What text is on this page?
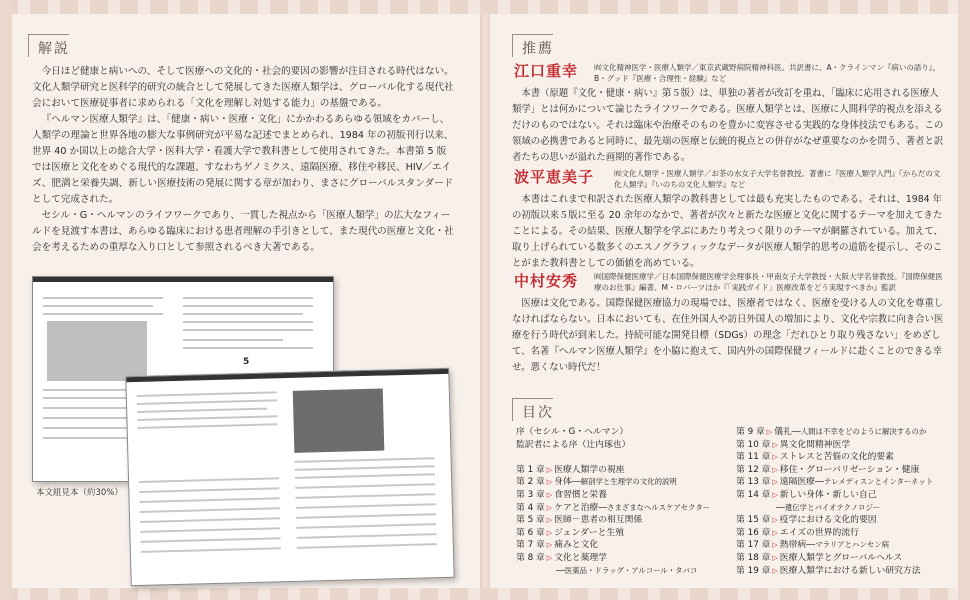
解説

今日ほど健康と病いへの、そして医療への文化的・社会的要因の影響が注目される時代はない。文化人類学研究と医科学的研究の統合として発展してきた医療人類学は、グローバル化する現代社会において医療従事者に求められる「文化を理解し対処する能力」の基盤である。

『ヘルマン医療人類学』は、「健康・病い・医療・文化」にかかわるあらゆる領域をカバーし、人類学の理論と世界各地の膨大な事例研究が平易な記述でまとめられ、1984 年の初版刊行以来、世界 40 か国以上の総合大学・医科大学・看護大学で教科書として使用されてきた。本書第 5 版では医療と文化をめぐる現代的な課題、すなわちゲノミクス、遠隔医療、移住や移民、HIV／エイズ、肥満と栄養失調、新しい医療技術の発展に関する章が加わり、まさにグローバルスタンダードとして完成された。

セシル・G・ヘルマンのライフワークであり、一貫した視点から「医療人類学」の広大なフィールドを見渡す本書は、あらゆる臨床における患者理解の手引きとして、また現代の医療と文化・社会を考えるための重厚な入り口として参照されるべき大著である。

5
本文組見本（約30%）
推薦
江口重幸 ㈲文化精神医学・医療人類学／東京武蔵野病院精神科医。共訳書に、A・クラインマン『病いの語り』，B・グッド『医療・合理性・経験』など

本書（原題『文化・健康・病い』第５版）は、単独の著者が改訂を重ね、「臨床に応用される医療人類学」とは何かについて論じたライフワークである。医療人類学とは、医療に人間科学的視点を添えるだけのものではない。それは臨床や治療そのものを豊かに変容させる実践的な身体技法でもある。この領域の必携書であると同時に、最先端の医療と伝統的視点との併存がなぜ重要なのかを問う、著者と訳者たちの思いが溢れた画期的著作である。

波平恵美子	㈲文化人類学・医療人類学／お茶の水女子大学名誉教授。著書に『医療人類学入門』『からだの文化人類学』『いのちの文化人類学』など

本書はこれまで和訳された医療人類学の教科書としては最も充実したものである。それは、1984 年の初版以来５版に至る 20 余年のなかで、著者が次々と新たな医療と文化に関するテーマを加えてきたことによる。その結果、医療人類学を学ぶにあたり考えつく限りのテーマが網羅されている。加えて、取り上げられている数多くのエスノグラフィックなデータが医療人類学的思考の道筋を提示し、そのことがまた教科書としての価値を高めている。

中村安秀 ㈲国際保健医療学／日本国際保健医療学会理事長・甲南女子大学教授・大阪大学名誉教授。『国際保健医療のお仕事』編著、M・ロバーツほか『「実践ガイド」医療改革をどう実現すべきか』監訳

医療は文化である。国際保健医療協力の現場では、医療者ではなく、医療を受ける人の文化を尊重しなければならない。日本においても、在住外国人や訪日外国人の増加により、文化や宗教に向き合い医療を行う時代が到来した。持続可能な開発目標（SDGs）の理念「だれひとり取り残さない」をめざして、名著『ヘルマン医療人類学』を小脇に抱えて、国内外の国際保健フィールドに赴くことのできる幸せ。悪くない時代だ！

目次
序（セシル・G・ヘルマン）
監訳者による序（辻内琢也）

第 1 章 ▷ 医療人類学の視座
第 2 章 ▷ 身体──解剖学と生理学の文化的説明
第 3 章 ▷ 食習慣と栄養
第 4 章 ▷ ケアと治療──さまざまなヘルスケアセクター
第 5 章 ▷ 医師－患者の相互関係
第 6 章 ▷ ジェンダーと生殖
第 7 章 ▷ 痛みと文化
第 8 章 ▷ 文化と薬理学
──医薬品・ドラッグ・アルコール・タバコ
第 9 章 ▷ 儀礼──人間は不幸をどのように解決するのか
第 10 章 ▷ 異文化間精神医学
第 11 章 ▷ ストレスと苦悩の文化的要素
第 12 章 ▷ 移住・グローバリゼーション・健康
第 13 章 ▷ 遠隔医療──テレメディスンとインターネット
第 14 章 ▷ 新しい身体・新しい自己
──遺伝学とバイオテクノロジー
第 15 章 ▷ 疫学における文化的要因
第 16 章 ▷ エイズの世界的流行
第 17 章 ▷ 熱帯病──マラリアとハンセン病
第 18 章 ▷ 医療人類学とグローバルヘルス
第 19 章 ▷ 医療人類学における新しい研究方法
